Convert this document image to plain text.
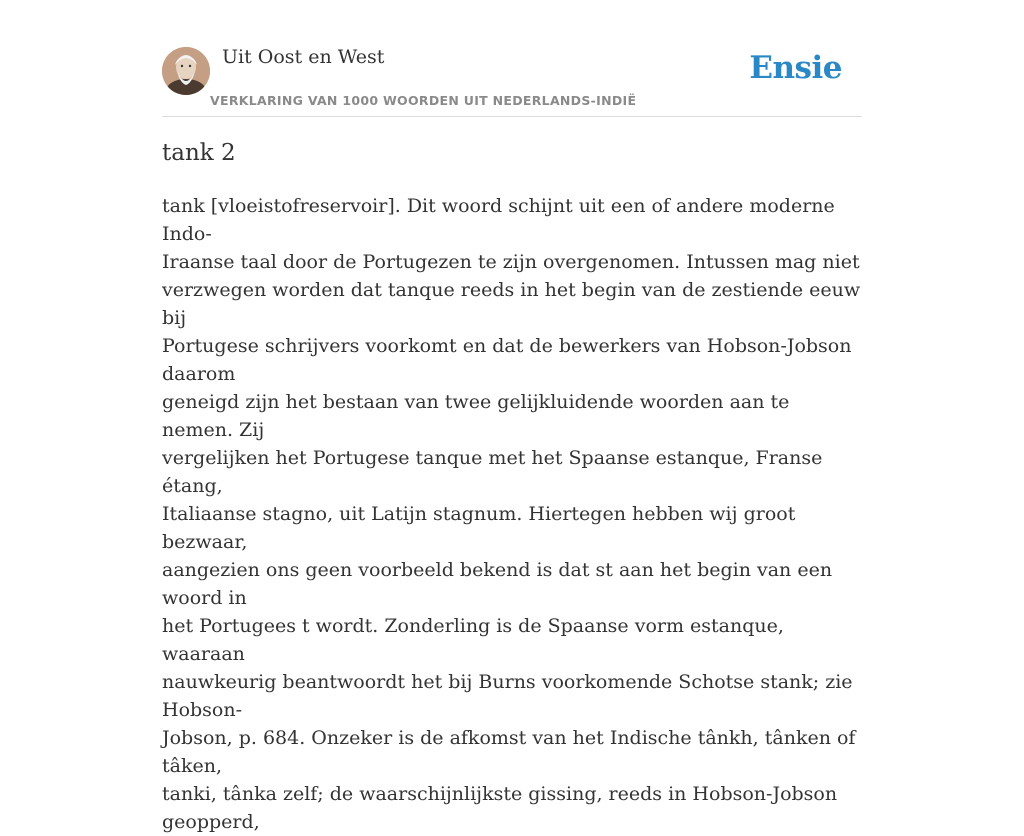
Uit Oost en West
VERKLARING VAN 1000 WOORDEN UIT NEDERLANDS-INDIË
Ensie
tank 2

tank [vloeistofreservoir]. Dit woord schijnt uit een of andere moderne Indo-
Iraanse taal door de Portugezen te zijn overgenomen. Intussen mag niet
verzwegen worden dat tanque reeds in het begin van de zestiende eeuw bij
Portugese schrijvers voorkomt en dat de bewerkers van Hobson-Jobson daarom
geneigd zijn het bestaan van twee gelijkluidende woorden aan te nemen. Zij
vergelijken het Portugese tanque met het Spaanse estanque, Franse étang,
Italiaanse stagno, uit Latijn stagnum. Hiertegen hebben wij groot bezwaar,
aangezien ons geen voorbeeld bekend is dat st aan het begin van een woord in
het Portugees t wordt. Zonderling is de Spaanse vorm estanque, waaraan
nauwkeurig beantwoordt het bij Burns voorkomende Schotse stank; zie Hobson-
Jobson, p. 684. Onzeker is de afkomst van het Indische tânkh, tânken of tâken,
tanki, tânka zelf; de waarschijnlijkste gissing, reeds in Hobson-Jobson geopperd,
